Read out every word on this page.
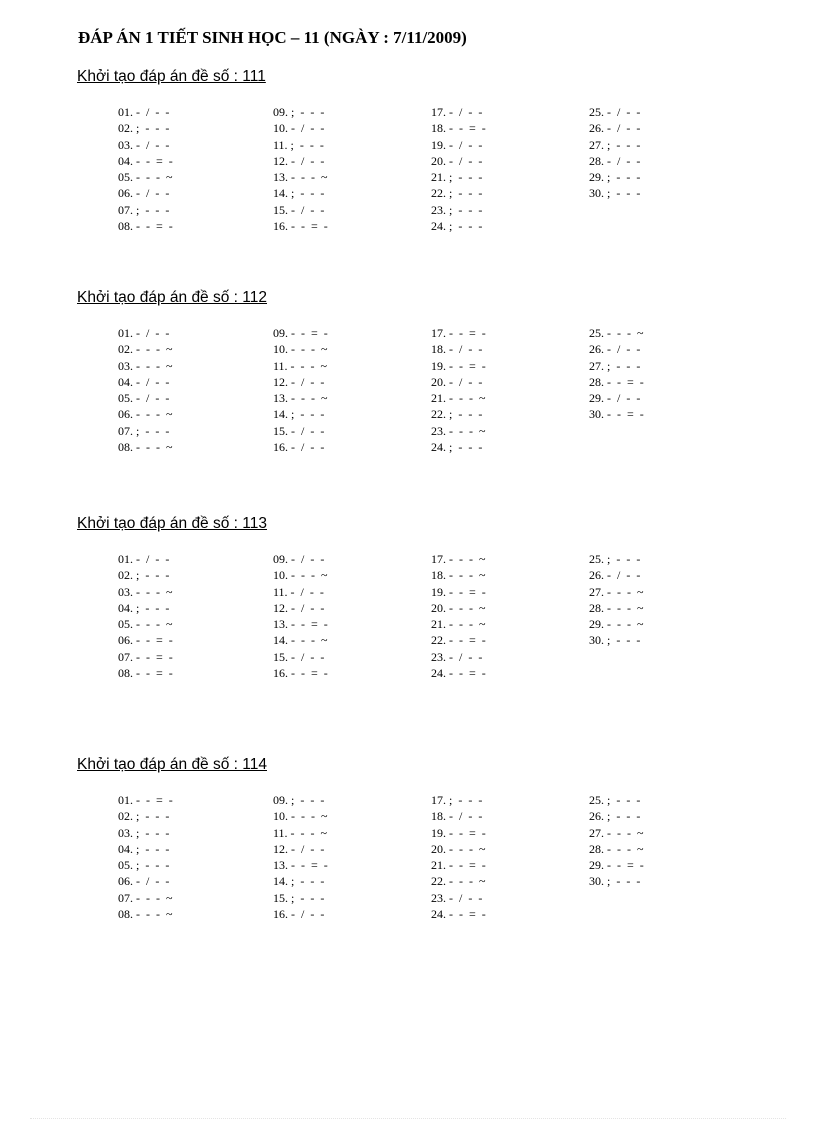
ĐÁP ÁN 1 TIẾT SINH HỌC – 11 (NGÀY : 7/11/2009)
Khởi tạo đáp án đề số : 111
01. -  /  -  -
02. ;  -  -  -
03. -  /  -  -
04. -  -  =  -
05. -  -  -  ~
06. -  /  -  -
07. ;  -  -  -
08. -  -  =  -
09. ;  -  -  -
10. -  /  -  -
11. ;  -  -  -
12. -  /  -  -
13. -  -  -  ~
14. ;  -  -  -
15. -  /  -  -
16. -  -  =  -
17. -  /  -  -
18. -  -  =  -
19. -  /  -  -
20. -  /  -  -
21. ;  -  -  -
22. ;  -  -  -
23. ;  -  -  -
24. ;  -  -  -
25. -  /  -  -
26. -  /  -  -
27. ;  -  -  -
28. -  /  -  -
29. ;  -  -  -
30. ;  -  -  -
Khởi tạo đáp án đề số : 112
01. -  /  -  -
02. -  -  -  ~
03. -  -  -  ~
04. -  /  -  -
05. -  /  -  -
06. -  -  -  ~
07. ;  -  -  -
08. -  -  -  ~
09. -  -  =  -
10. -  -  -  ~
11. -  -  -  ~
12. -  /  -  -
13. -  -  -  ~
14. ;  -  -  -
15. -  /  -  -
16. -  /  -  -
17. -  -  =  -
18. -  /  -  -
19. -  -  =  -
20. -  /  -  -
21. -  -  -  ~
22. ;  -  -  -
23. -  -  -  ~
24. ;  -  -  -
25. -  -  -  ~
26. -  /  -  -
27. ;  -  -  -
28. -  -  =  -
29. -  /  -  -
30. -  -  =  -
Khởi tạo đáp án đề số : 113
01. -  /  -  -
02. ;  -  -  -
03. -  -  -  ~
04. ;  -  -  -
05. -  -  -  ~
06. -  -  =  -
07. -  -  =  -
08. -  -  =  -
09. -  /  -  -
10. -  -  -  ~
11. -  /  -  -
12. -  /  -  -
13. -  -  =  -
14. -  -  -  ~
15. -  /  -  -
16. -  -  =  -
17. -  -  -  ~
18. -  -  -  ~
19. -  -  =  -
20. -  -  -  ~
21. -  -  -  ~
22. -  -  =  -
23. -  /  -  -
24. -  -  =  -
25. ;  -  -  -
26. -  /  -  -
27. -  -  -  ~
28. -  -  -  ~
29. -  -  -  ~
30. ;  -  -  -
Khởi tạo đáp án đề số : 114
01. -  -  =  -
02. ;  -  -  -
03. ;  -  -  -
04. ;  -  -  -
05. ;  -  -  -
06. -  /  -  -
07. -  -  -  ~
08. -  -  -  ~
09. ;  -  -  -
10. -  -  -  ~
11. -  -  -  ~
12. -  /  -  -
13. -  -  =  -
14. ;  -  -  -
15. ;  -  -  -
16. -  /  -  -
17. ;  -  -  -
18. -  /  -  -
19. -  -  =  -
20. -  -  -  ~
21. -  -  =  -
22. -  -  -  ~
23. -  /  -  -
24. -  -  =  -
25. ;  -  -  -
26. ;  -  -  -
27. -  -  -  ~
28. -  -  -  ~
29. -  -  =  -
30. ;  -  -  -
